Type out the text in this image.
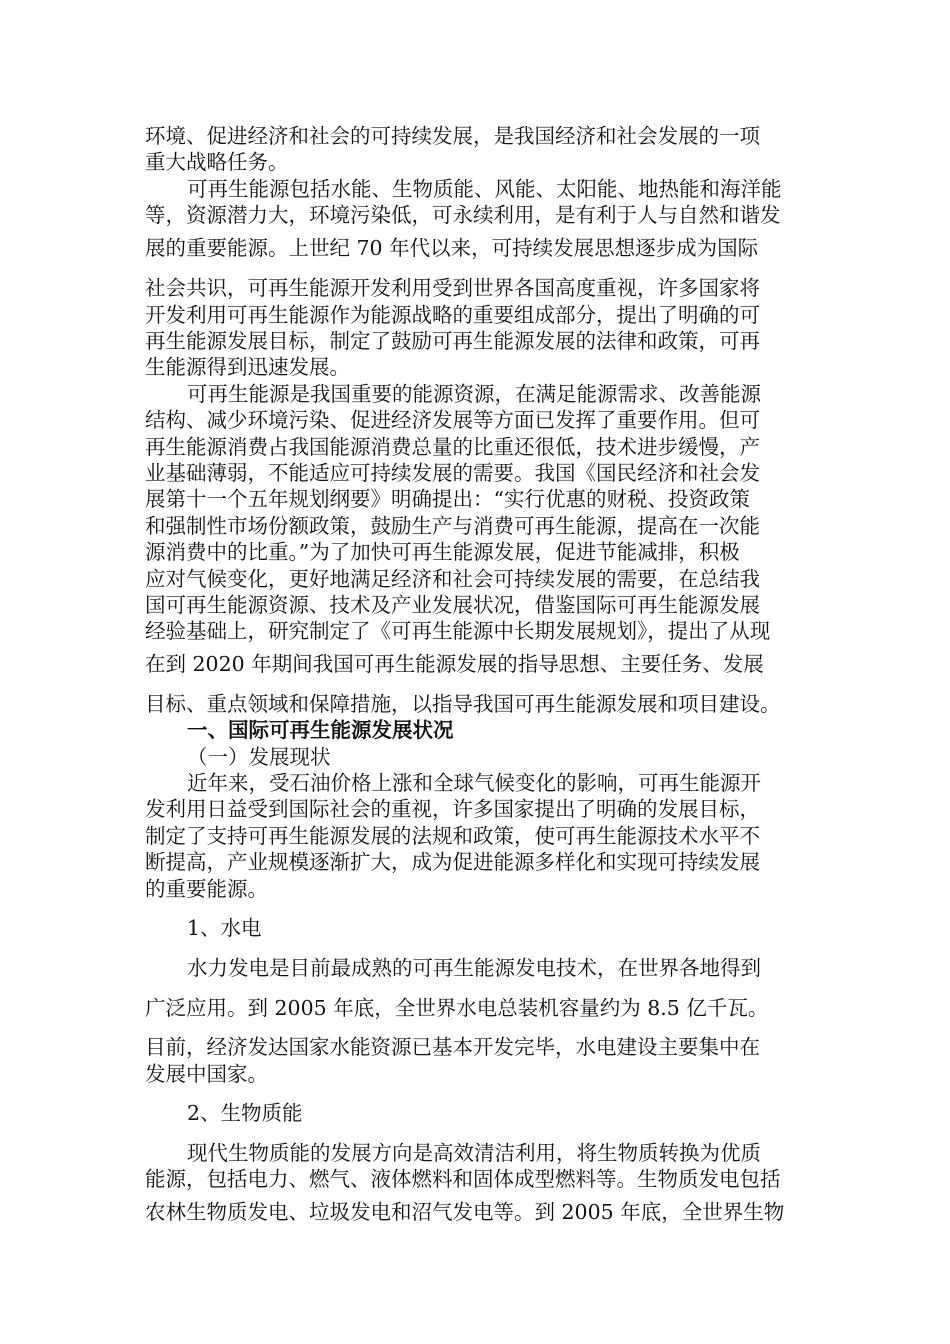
环境、促进经济和社会的可持续发展，是我国经济和社会发展的一项
重大战略任务。
可再生能源包括水能、生物质能、风能、太阳能、地热能和海洋能
等，资源潜力大，环境污染低，可永续利用，是有利于人与自然和谐发
展的重要能源。上世纪 70 年代以来，可持续发展思想逐步成为国际
社会共识，可再生能源开发利用受到世界各国高度重视，许多国家将
开发利用可再生能源作为能源战略的重要组成部分，提出了明确的可
再生能源发展目标，制定了鼓励可再生能源发展的法律和政策，可再
生能源得到迅速发展。
可再生能源是我国重要的能源资源，在满足能源需求、改善能源
结构、减少环境污染、促进经济发展等方面已发挥了重要作用。但可
再生能源消费占我国能源消费总量的比重还很低，技术进步缓慢，产
业基础薄弱，不能适应可持续发展的需要。我国《国民经济和社会发
展第十一个五年规划纲要》明确提出：“实行优惠的财税、投资政策
和强制性市场份额政策，鼓励生产与消费可再生能源，提高在一次能
源消费中的比重。”为了加快可再生能源发展，促进节能减排，积极
应对气候变化，更好地满足经济和社会可持续发展的需要，在总结我
国可再生能源资源、技术及产业发展状况，借鉴国际可再生能源发展
经验基础上，研究制定了《可再生能源中长期发展规划》，提出了从现
在到 2020 年期间我国可再生能源发展的指导思想、主要任务、发展
目标、重点领域和保障措施，以指导我国可再生能源发展和项目建设。
一、国际可再生能源发展状况
（一）发展现状
近年来，受石油价格上涨和全球气候变化的影响，可再生能源开
发利用日益受到国际社会的重视，许多国家提出了明确的发展目标，
制定了支持可再生能源发展的法规和政策，使可再生能源技术水平不
断提高，产业规模逐渐扩大，成为促进能源多样化和实现可持续发展
的重要能源。
1、水电
水力发电是目前最成熟的可再生能源发电技术，在世界各地得到
广泛应用。到 2005 年底，全世界水电总装机容量约为 8.5 亿千瓦。
目前，经济发达国家水能资源已基本开发完毕，水电建设主要集中在
发展中国家。
2、生物质能
现代生物质能的发展方向是高效清洁利用，将生物质转换为优质
能源，包括电力、燃气、液体燃料和固体成型燃料等。生物质发电包括
农林生物质发电、垃圾发电和沼气发电等。到 2005 年底，全世界生物
